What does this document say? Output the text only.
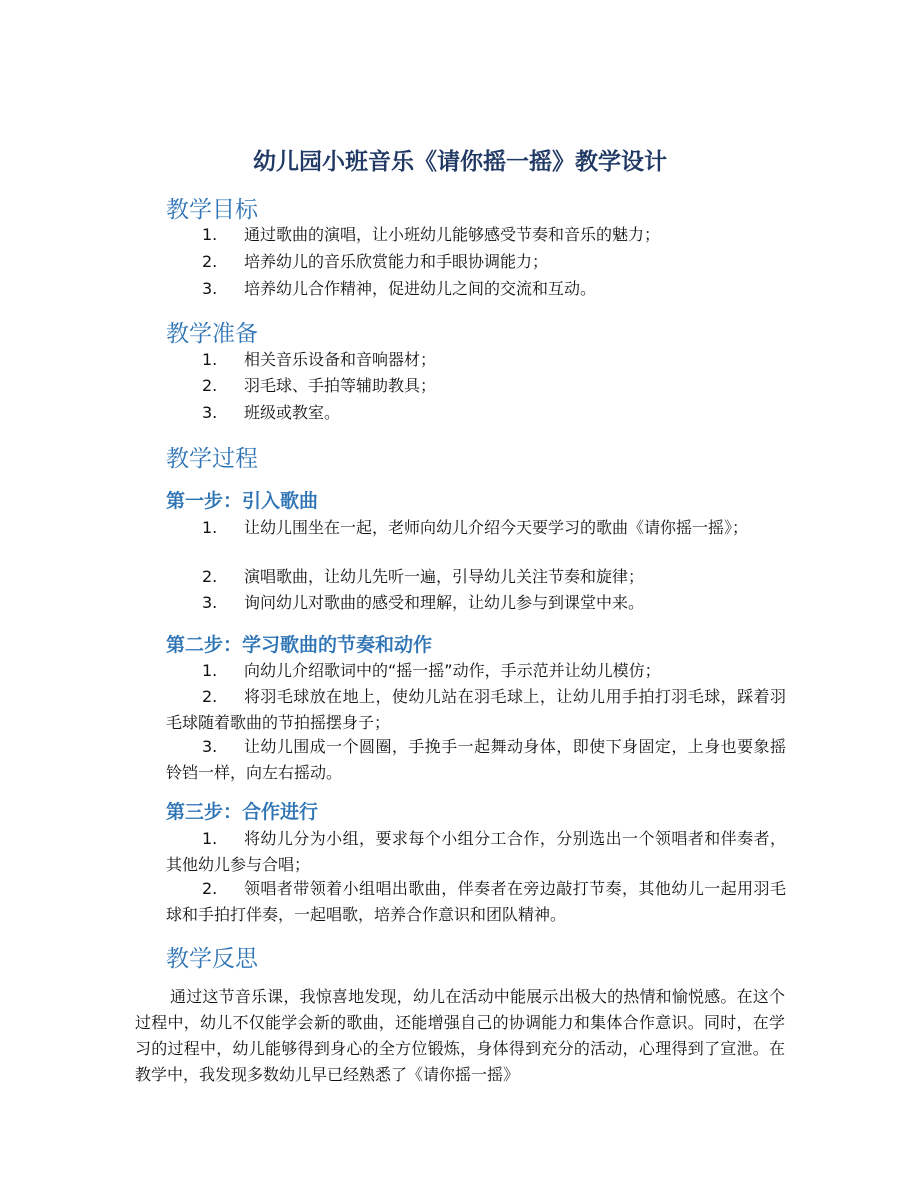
幼儿园小班音乐《请你摇一摇》教学设计
教学目标
1.	通过歌曲的演唱，让小班幼儿能够感受节奏和音乐的魅力；
2.	培养幼儿的音乐欣赏能力和手眼协调能力；
3.	培养幼儿合作精神，促进幼儿之间的交流和互动。
教学准备
1.	相关音乐设备和音响器材；
2.	羽毛球、手拍等辅助教具；
3.	班级或教室。
教学过程
第一步：引入歌曲
1.	让幼儿围坐在一起，老师向幼儿介绍今天要学习的歌曲《请你摇一摇》；
2.	演唱歌曲，让幼儿先听一遍，引导幼儿关注节奏和旋律；
3.	询问幼儿对歌曲的感受和理解，让幼儿参与到课堂中来。
第二步：学习歌曲的节奏和动作
1.	向幼儿介绍歌词中的“摇一摇”动作，手示范并让幼儿模仿；
2.	将羽毛球放在地上，使幼儿站在羽毛球上，让幼儿用手拍打羽毛球，踩着羽毛球随着歌曲的节拍摇摆身子；
3.	让幼儿围成一个圆圈，手挽手一起舞动身体，即使下身固定，上身也要象摇铃铛一样，向左右摇动。
第三步：合作进行
1.	将幼儿分为小组，要求每个小组分工合作，分别选出一个领唱者和伴奏者，其他幼儿参与合唱；
2.	领唱者带领着小组唱出歌曲，伴奏者在旁边敲打节奏，其他幼儿一起用羽毛球和手拍打伴奏，一起唱歌，培养合作意识和团队精神。
教学反思
通过这节音乐课，我惊喜地发现，幼儿在活动中能展示出极大的热情和愉悦感。在这个过程中，幼儿不仅能学会新的歌曲，还能增强自己的协调能力和集体合作意识。同时，在学习的过程中，幼儿能够得到身心的全方位锻炼，身体得到充分的活动，心理得到了宣泄。在教学中，我发现多数幼儿早已经熟悉了《请你摇一摇》
